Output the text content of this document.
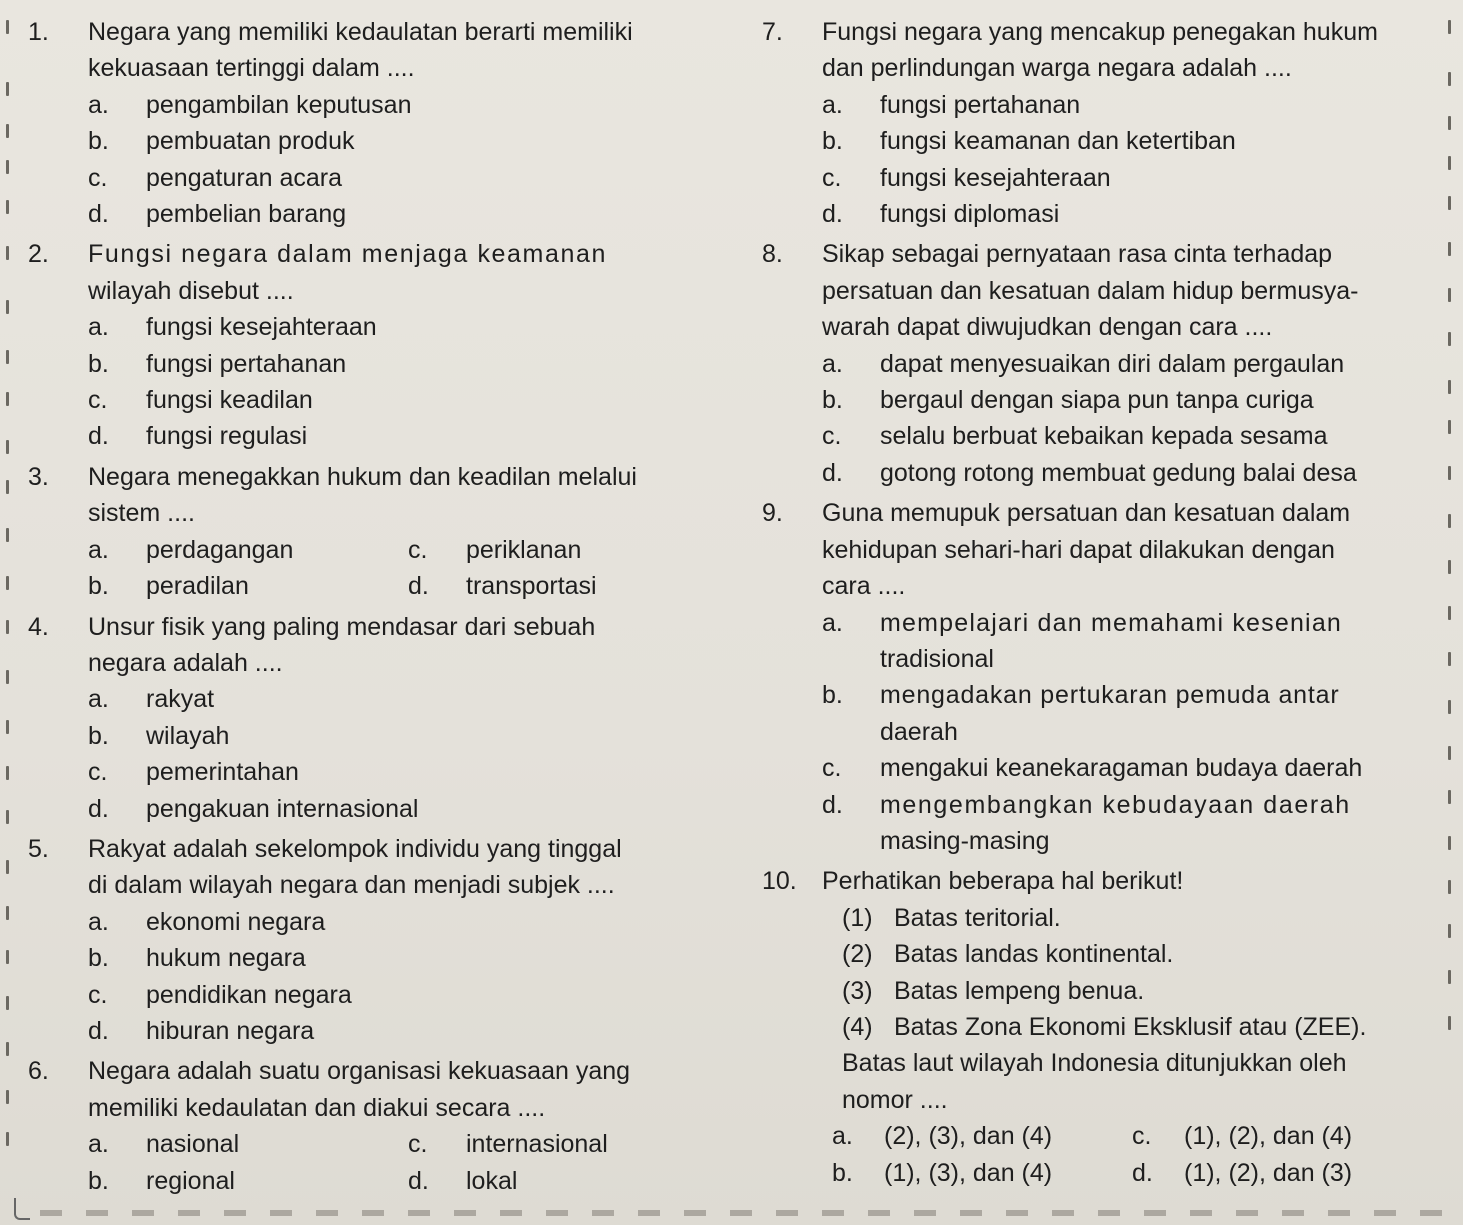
1. Negara yang memiliki kedaulatan berarti memiliki
kekuasaan tertinggi dalam ....
a. pengambilan keputusan
b. pembuatan produk
c. pengaturan acara
d. pembelian barang
2. Fungsi negara dalam menjaga keamanan
wilayah disebut ....
a. fungsi kesejahteraan
b. fungsi pertahanan
c. fungsi keadilan
d. fungsi regulasi
3. Negara menegakkan hukum dan keadilan melalui
sistem ....
a. perdagangan	c. periklanan
b. peradilan	d. transportasi
4. Unsur fisik yang paling mendasar dari sebuah
negara adalah ....
a. rakyat
b. wilayah
c. pemerintahan
d. pengakuan internasional
5. Rakyat adalah sekelompok individu yang tinggal
di dalam wilayah negara dan menjadi subjek ....
a. ekonomi negara
b. hukum negara
c. pendidikan negara
d. hiburan negara
6. Negara adalah suatu organisasi kekuasaan yang
memiliki kedaulatan dan diakui secara ....
a. nasional	c. internasional
b. regional	d. lokal
7. Fungsi negara yang mencakup penegakan hukum
dan perlindungan warga negara adalah ....
a. fungsi pertahanan
b. fungsi keamanan dan ketertiban
c. fungsi kesejahteraan
d. fungsi diplomasi
8. Sikap sebagai pernyataan rasa cinta terhadap
persatuan dan kesatuan dalam hidup bermusya-
warah dapat diwujudkan dengan cara ....
a. dapat menyesuaikan diri dalam pergaulan
b. bergaul dengan siapa pun tanpa curiga
c. selalu berbuat kebaikan kepada sesama
d. gotong rotong membuat gedung balai desa
9. Guna memupuk persatuan dan kesatuan dalam
kehidupan sehari-hari dapat dilakukan dengan
cara ....
a. mempelajari dan memahami kesenian
tradisional
b. mengadakan pertukaran pemuda antar
daerah
c. mengakui keanekaragaman budaya daerah
d. mengembangkan kebudayaan daerah
masing-masing
10. Perhatikan beberapa hal berikut!
(1) Batas teritorial.
(2) Batas landas kontinental.
(3) Batas lempeng benua.
(4) Batas Zona Ekonomi Eksklusif atau (ZEE).
Batas laut wilayah Indonesia ditunjukkan oleh
nomor ....
a. (2), (3), dan (4)	c. (1), (2), dan (4)
b. (1), (3), dan (4)	d. (1), (2), dan (3)
